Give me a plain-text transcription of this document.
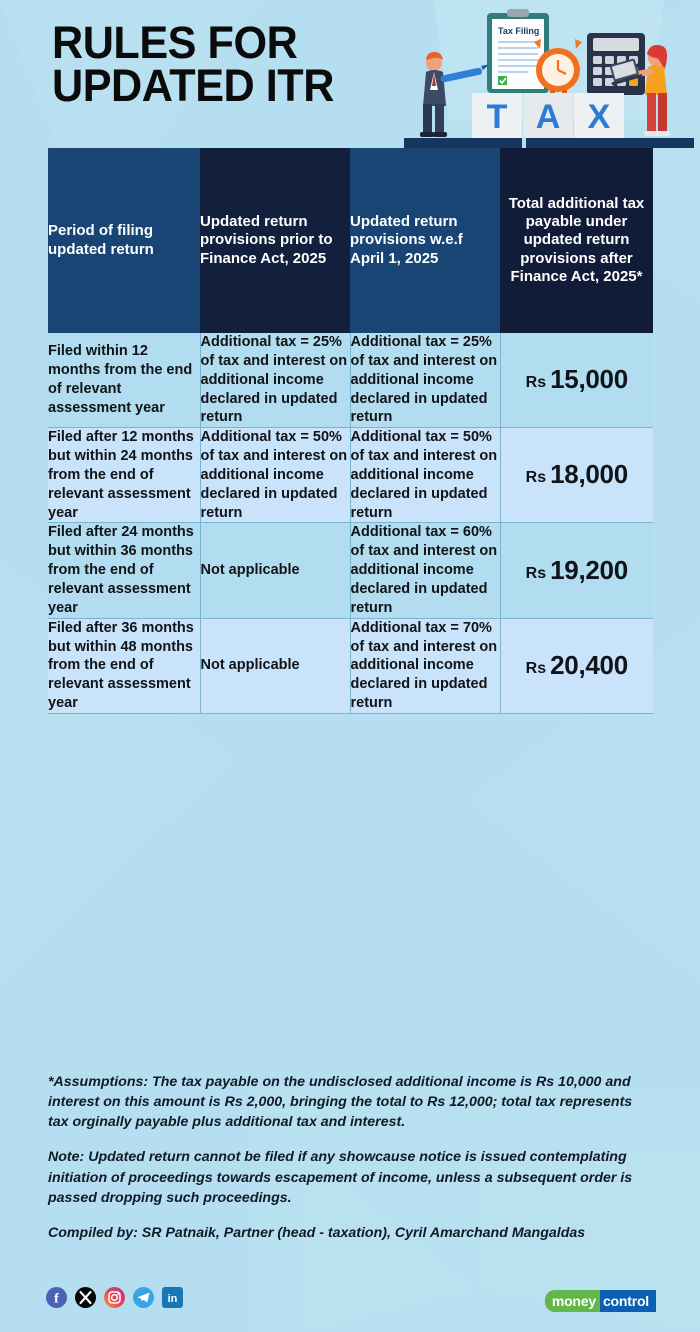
RULES FOR
UPDATED ITR
Tax Filing
T A X
Period of filing updated return	Updated return provisions prior to Finance Act, 2025	Updated return provisions w.e.f April 1, 2025	Total additional tax payable under updated return provisions after Finance Act, 2025*
Filed within 12 months from the end of relevant assessment year	Additional tax = 25% of tax and interest on additional income declared in updated return	Additional tax = 25% of tax and interest on additional income declared in updated return	Rs 15,000
Filed after 12 months but within 24 months from the end of relevant assessment year	Additional tax = 50% of tax and interest on additional income declared in updated return	Additional tax = 50% of tax and interest on additional income declared in updated return	Rs 18,000
Filed after 24 months but within 36 months from the end of relevant assessment year	Not applicable	Additional tax = 60% of tax and interest on additional income declared in updated return	Rs 19,200
Filed after 36 months but within 48 months from the end of relevant assessment year	Not applicable	Additional tax = 70% of tax and interest on additional income declared in updated return	Rs 20,400

*Assumptions: The tax payable on the undisclosed additional income is Rs 10,000 and interest on this amount is Rs 2,000, bringing the total to Rs 12,000; total tax represents tax orginally payable plus additional tax and interest.

Note: Updated return cannot be filed if any showcause notice is issued contemplating initiation of proceedings towards escapement of income, unless a subsequent order is passed dropping such proceedings.

Compiled by: SR Patnaik, Partner (head - taxation), Cyril Amarchand Mangaldas

f	in	money control
